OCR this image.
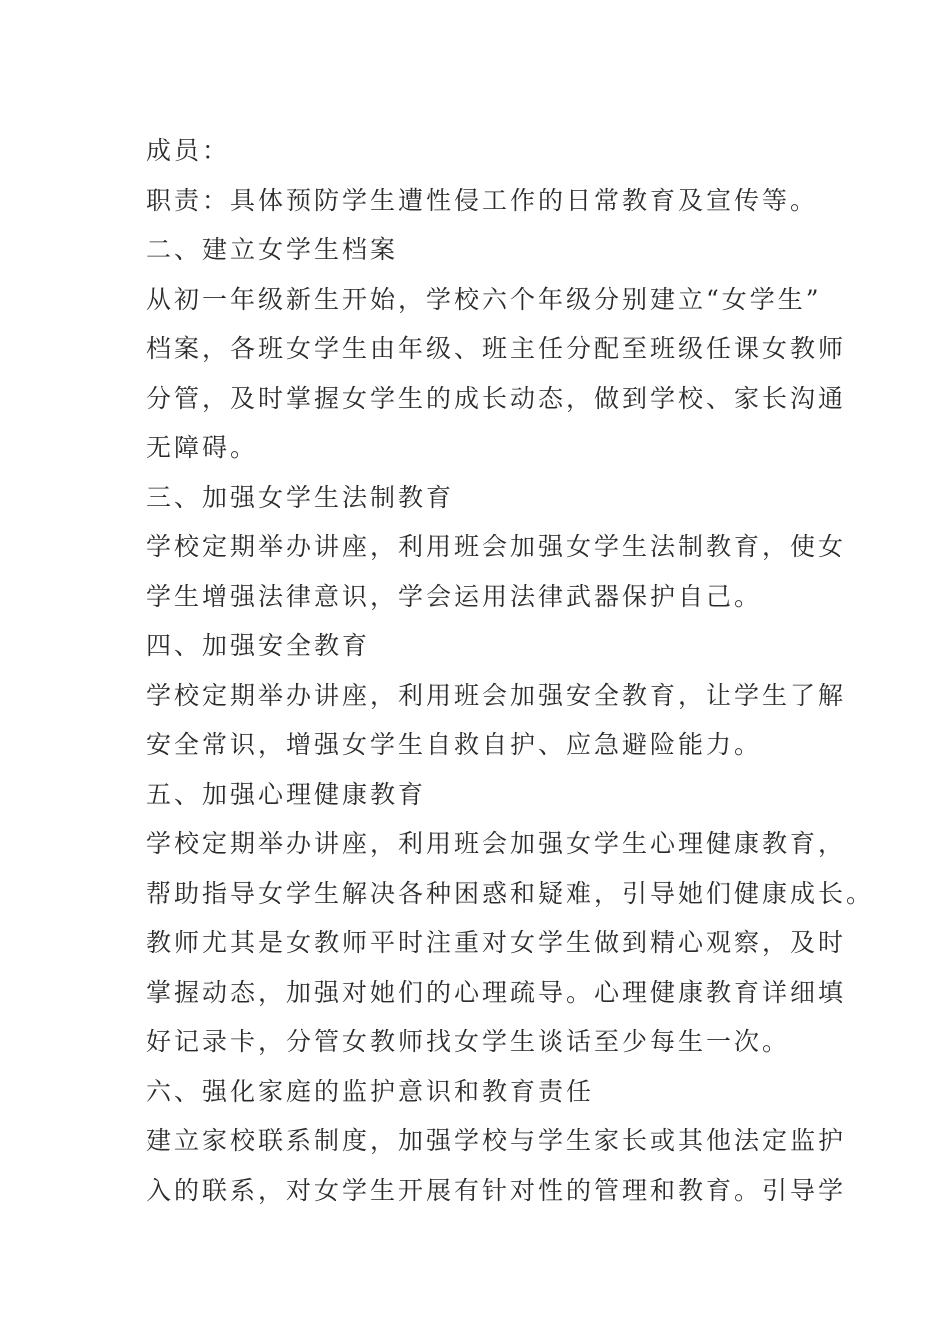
成员：

职责：具体预防学生遭性侵工作的日常教育及宣传等。

二、建立女学生档案

从初一年级新生开始，学校六个年级分别建立“女学生”

档案，各班女学生由年级、班主任分配至班级任课女教师

分管，及时掌握女学生的成长动态，做到学校、家长沟通

无障碍。

三、加强女学生法制教育

学校定期举办讲座，利用班会加强女学生法制教育，使女

学生增强法律意识，学会运用法律武器保护自己。

四、加强安全教育

学校定期举办讲座，利用班会加强安全教育，让学生了解

安全常识，增强女学生自救自护、应急避险能力。

五、加强心理健康教育

学校定期举办讲座，利用班会加强女学生心理健康教育，

帮助指导女学生解决各种困惑和疑难，引导她们健康成长。

教师尤其是女教师平时注重对女学生做到精心观察，及时

掌握动态，加强对她们的心理疏导。心理健康教育详细填

好记录卡，分管女教师找女学生谈话至少每生一次。

六、强化家庭的监护意识和教育责任

建立家校联系制度，加强学校与学生家长或其他法定监护

入的联系，对女学生开展有针对性的管理和教育。引导学
